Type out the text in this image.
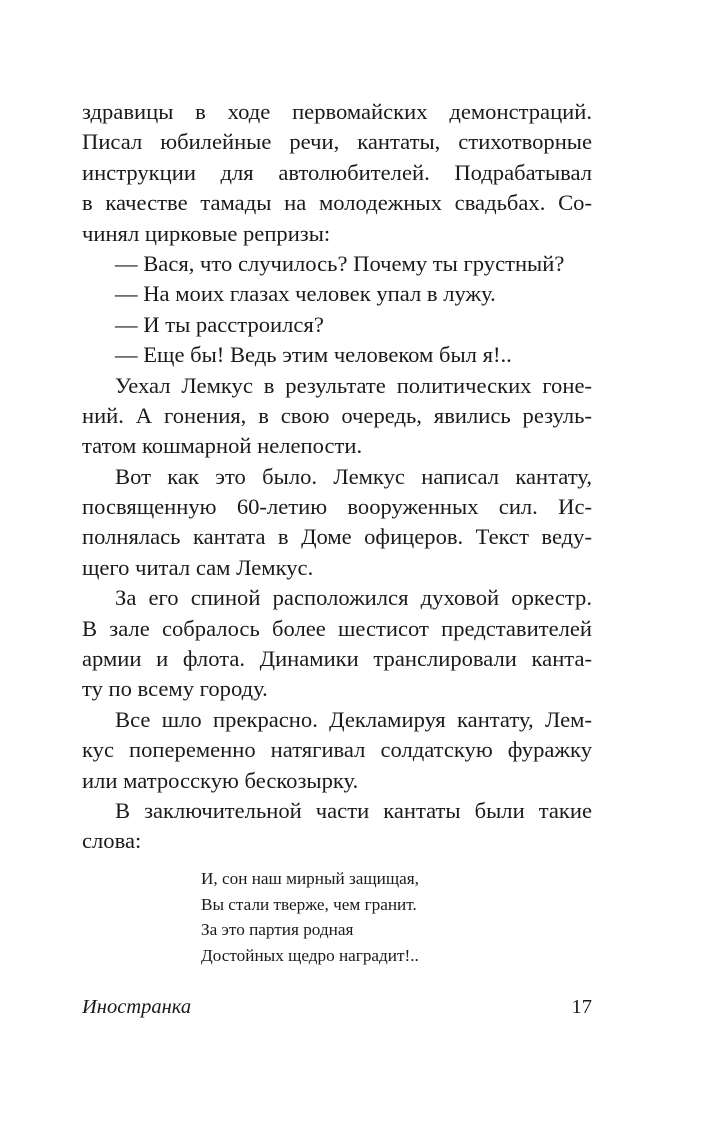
здравицы в ходе первомайских демонстраций.
Писал юбилейные речи, кантаты, стихотворные
инструкции для автолюбителей. Подрабатывал
в качестве тамады на молодежных свадьбах. Со-
чинял цирковые репризы:
— Вася, что случилось? Почему ты грустный?
— На моих глазах человек упал в лужу.
— И ты расстроился?
— Еще бы! Ведь этим человеком был я!..
Уехал Лемкус в результате политических гоне-
ний. А гонения, в свою очередь, явились резуль-
татом кошмарной нелепости.
Вот как это было. Лемкус написал кантату,
посвященную 60-летию вооруженных сил. Ис-
полнялась кантата в Доме офицеров. Текст веду-
щего читал сам Лемкус.
За его спиной расположился духовой оркестр.
В зале собралось более шестисот представителей
армии и флота. Динамики транслировали канта-
ту по всему городу.
Все шло прекрасно. Декламируя кантату, Лем-
кус попеременно натягивал солдатскую фуражку
или матросскую бескозырку.
В заключительной части кантаты были такие
слова:
И, сон наш мирный защищая,
Вы стали тверже, чем гранит.
За это партия родная
Достойных щедро наградит!..
Иностранка	17
